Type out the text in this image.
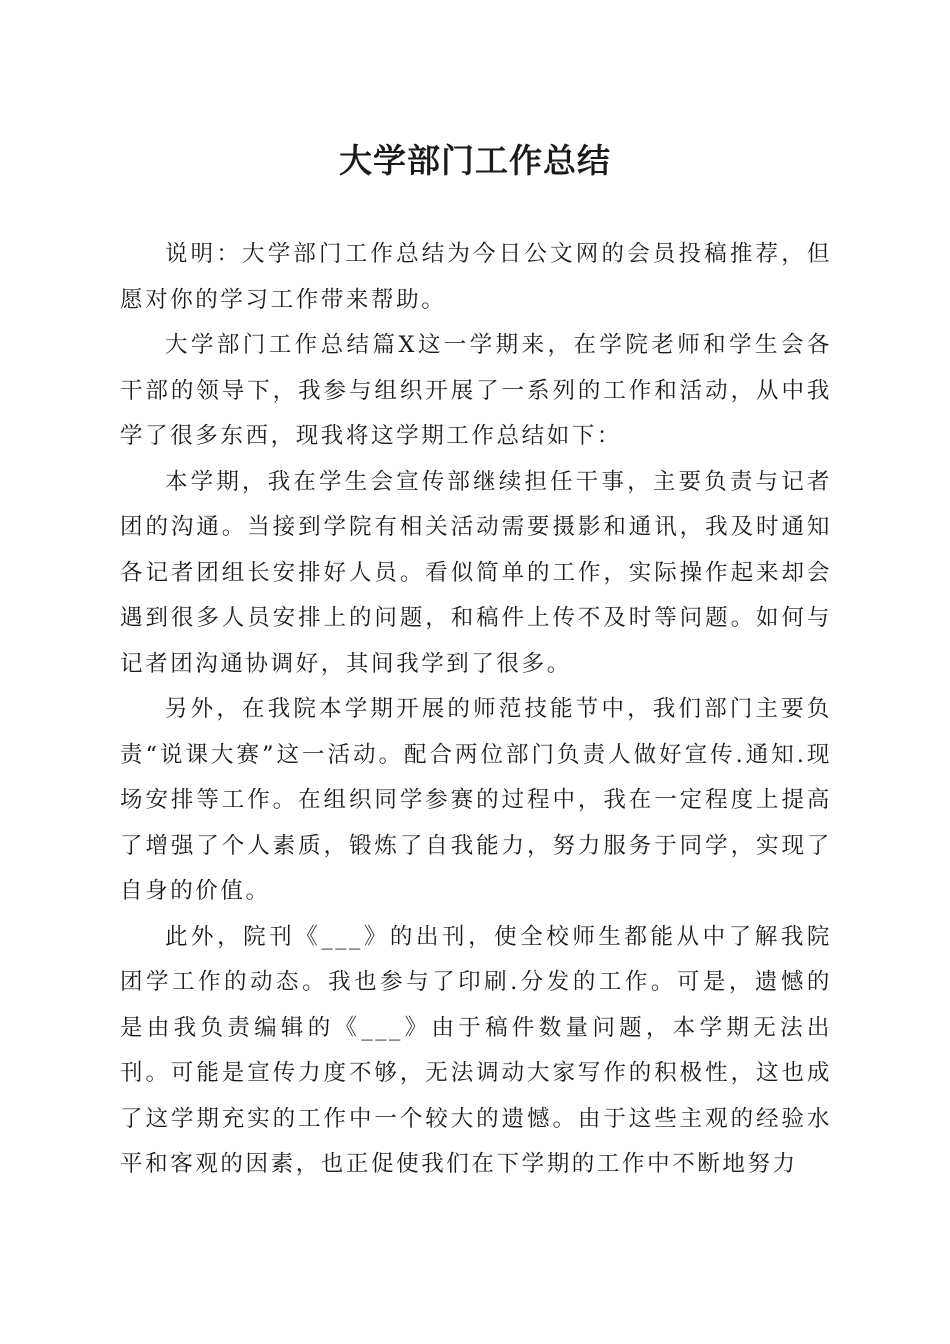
大学部门工作总结

说明：大学部门工作总结为今日公文网的会员投稿推荐，但愿对你的学习工作带来帮助。

大学部门工作总结篇X这一学期来，在学院老师和学生会各干部的领导下，我参与组织开展了一系列的工作和活动，从中我学了很多东西，现我将这学期工作总结如下：

本学期，我在学生会宣传部继续担任干事，主要负责与记者团的沟通。当接到学院有相关活动需要摄影和通讯，我及时通知各记者团组长安排好人员。看似简单的工作，实际操作起来却会遇到很多人员安排上的问题，和稿件上传不及时等问题。如何与记者团沟通协调好，其间我学到了很多。

另外，在我院本学期开展的师范技能节中，我们部门主要负责“说课大赛”这一活动。配合两位部门负责人做好宣传.通知.现场安排等工作。在组织同学参赛的过程中，我在一定程度上提高了增强了个人素质，锻炼了自我能力，努力服务于同学，实现了自身的价值。

此外，院刊《___》的出刊，使全校师生都能从中了解我院团学工作的动态。我也参与了印刷.分发的工作。可是，遗憾的是由我负责编辑的《___》由于稿件数量问题，本学期无法出刊。可能是宣传力度不够，无法调动大家写作的积极性，这也成了这学期充实的工作中一个较大的遗憾。由于这些主观的经验水平和客观的因素，也正促使我们在下学期的工作中不断地努力
